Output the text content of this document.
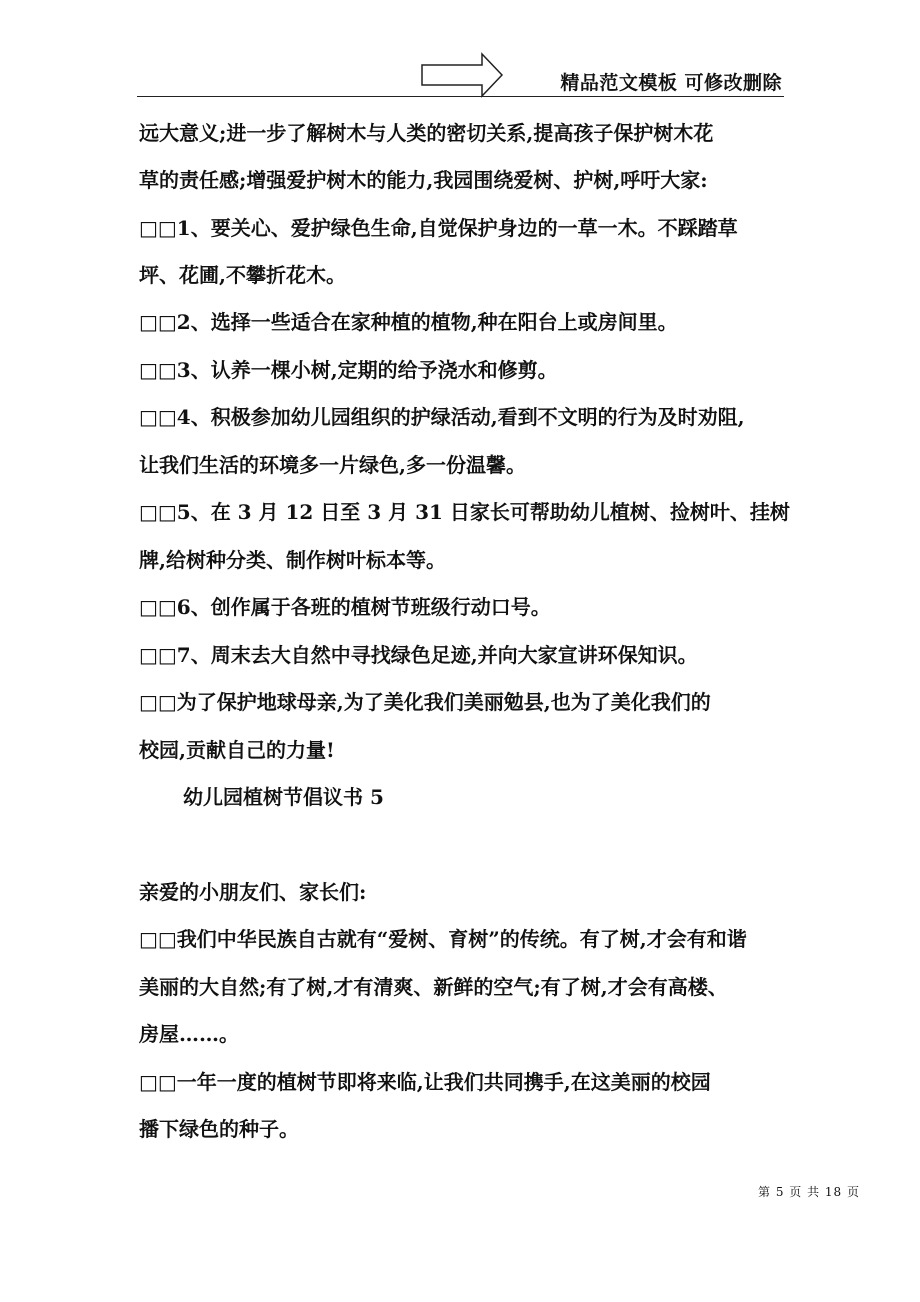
精品范文模板 可修改删除
远大意义;进一步了解树木与人类的密切关系,提高孩子保护树木花
草的责任感;增强爱护树木的能力,我园围绕爱树、护树,呼吁大家:
□□1、要关心、爱护绿色生命,自觉保护身边的一草一木。不踩踏草
坪、花圃,不攀折花木。
□□2、选择一些适合在家种植的植物,种在阳台上或房间里。
□□3、认养一棵小树,定期的给予浇水和修剪。
□□4、积极参加幼儿园组织的护绿活动,看到不文明的行为及时劝阻,
让我们生活的环境多一片绿色,多一份温馨。
□□5、在 3 月 12 日至 3 月 31 日家长可帮助幼儿植树、捡树叶、挂树
牌,给树种分类、制作树叶标本等。
□□6、创作属于各班的植树节班级行动口号。
□□7、周末去大自然中寻找绿色足迹,并向大家宣讲环保知识。
□□为了保护地球母亲,为了美化我们美丽勉县,也为了美化我们的
校园,贡献自己的力量!
幼儿园植树节倡议书 5
亲爱的小朋友们、家长们:
□□我们中华民族自古就有“爱树、育树”的传统。有了树,才会有和谐
美丽的大自然;有了树,才有清爽、新鲜的空气;有了树,才会有高楼、
房屋……。
□□一年一度的植树节即将来临,让我们共同携手,在这美丽的校园
播下绿色的种子。
第 5 页 共 18 页
